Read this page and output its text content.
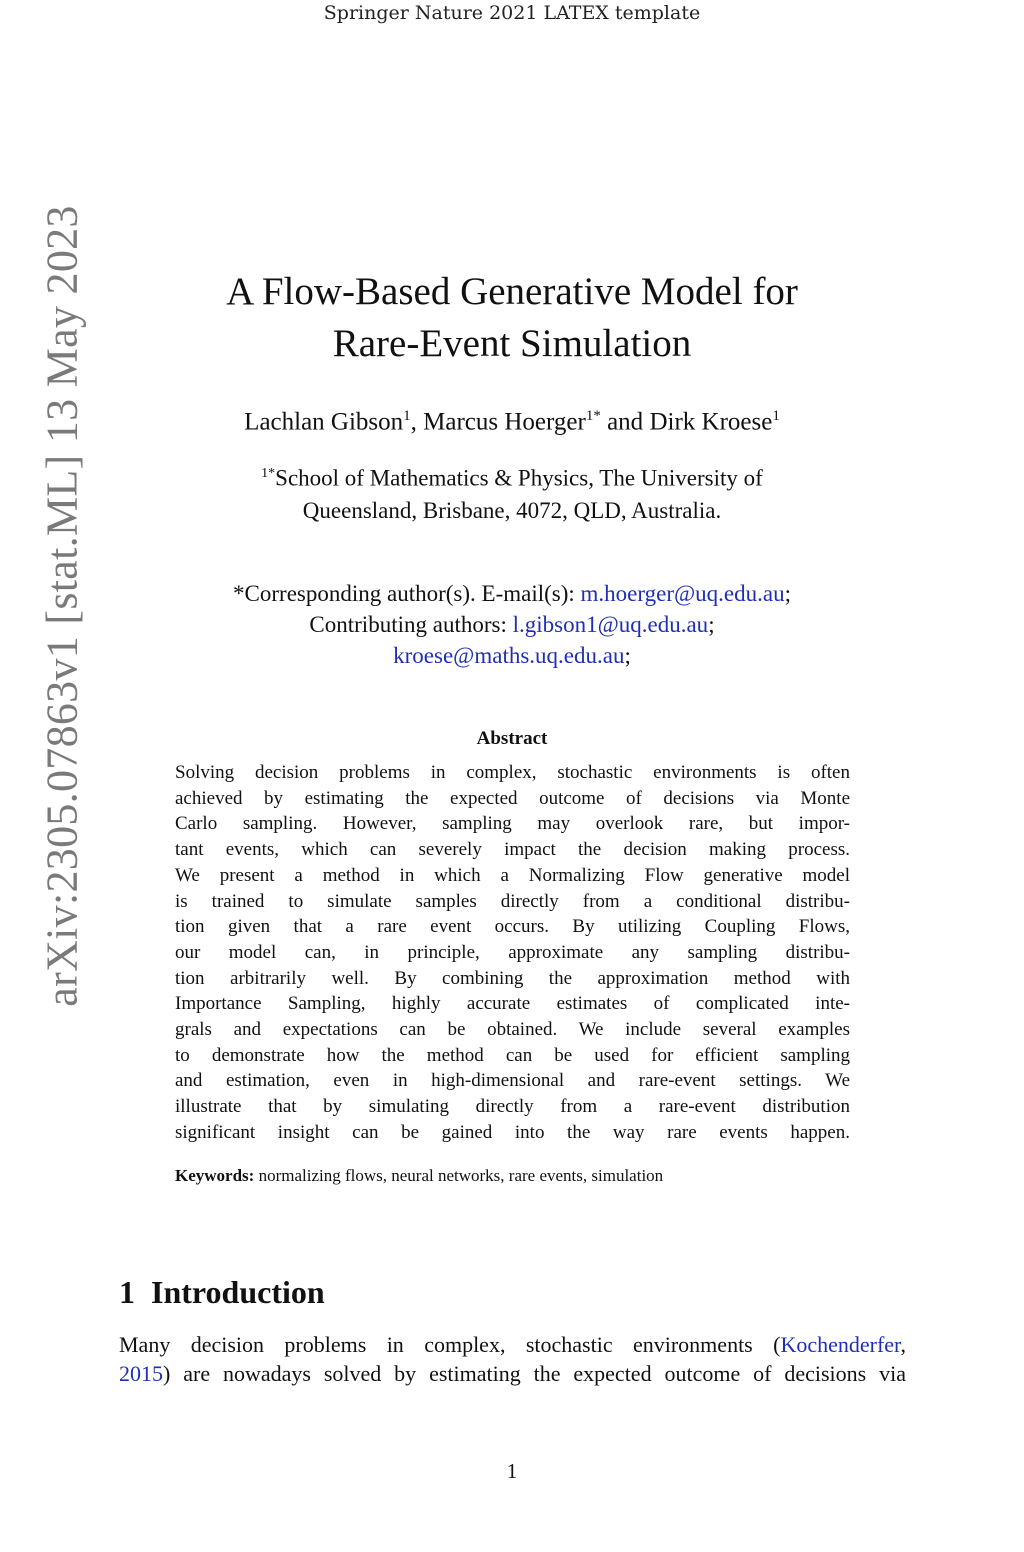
Springer Nature 2021 LATEX template
arXiv:2305.07863v1 [stat.ML] 13 May 2023	A Flow-Based Generative Model for
Rare-Event Simulation
Lachlan Gibson$^1$, Marcus Hoerger$^{1*}$ and Dirk Kroese$^1$
$^{1*}$School of Mathematics & Physics, The University of
Queensland, Brisbane, 4072, QLD, Australia.
*Corresponding author(s). E-mail(s): m.hoerger@uq.edu.au;
Contributing authors: l.gibson1@uq.edu.au;
kroese@maths.uq.edu.au;
Abstract
Solving decision problems in complex, stochastic environments is often
achieved by estimating the expected outcome of decisions via Monte
Carlo sampling. However, sampling may overlook rare, but impor-
tant events, which can severely impact the decision making process.
We present a method in which a Normalizing Flow generative model
is trained to simulate samples directly from a conditional distribu-
tion given that a rare event occurs. By utilizing Coupling Flows,
our model can, in principle, approximate any sampling distribu-
tion arbitrarily well. By combining the approximation method with
Importance Sampling, highly accurate estimates of complicated inte-
grals and expectations can be obtained. We include several examples
to demonstrate how the method can be used for efficient sampling
and estimation, even in high-dimensional and rare-event settings. We
illustrate that by simulating directly from a rare-event distribution
significant insight can be gained into the way rare events happen.
Keywords: normalizing flows, neural networks, rare events, simulation
1 Introduction
Many decision problems in complex, stochastic environments (Kochenderfer,
2015) are nowadays solved by estimating the expected outcome of decisions via
1
